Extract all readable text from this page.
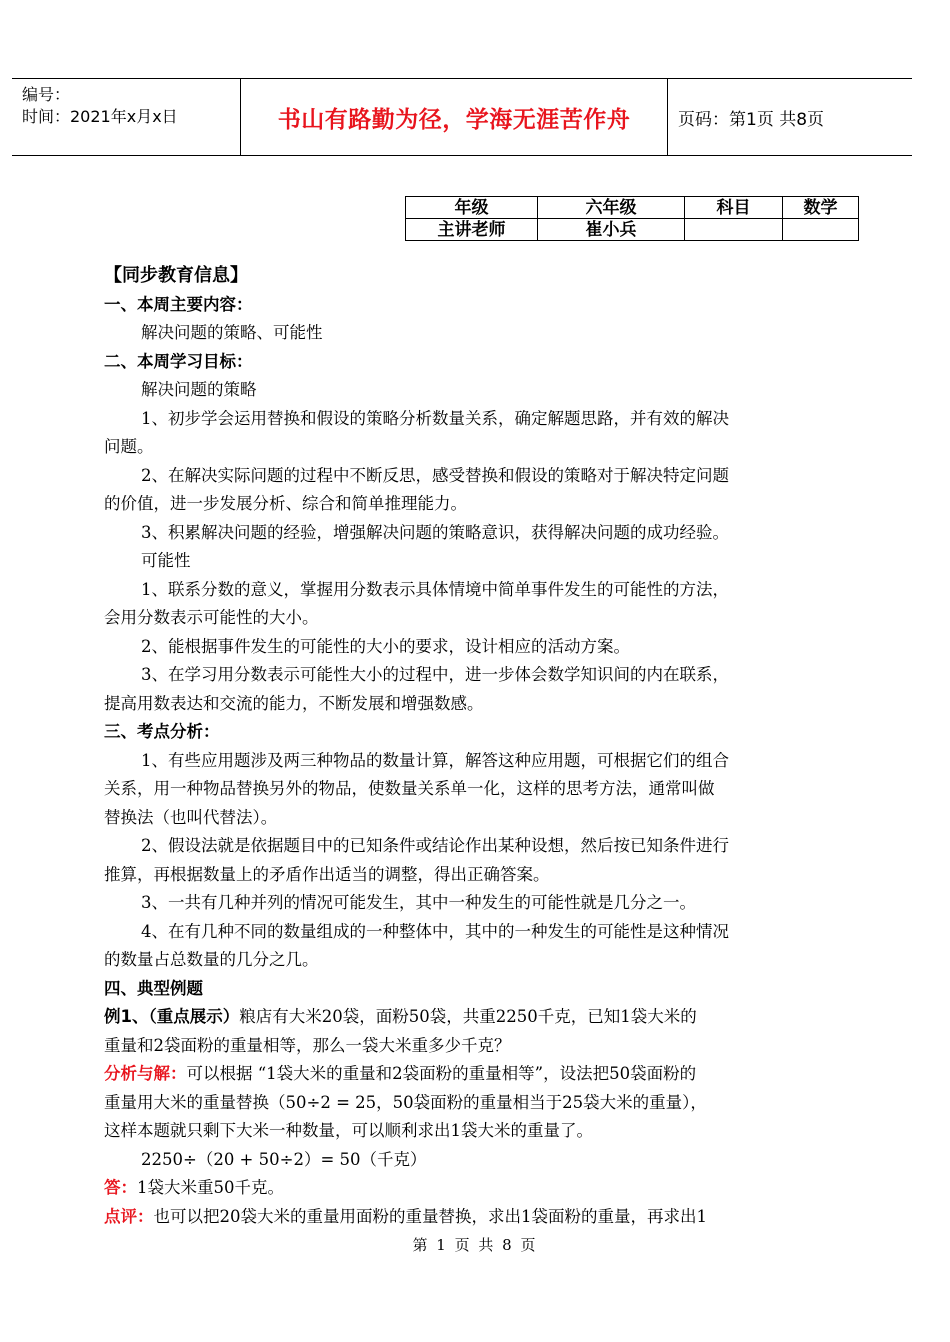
编号：
时间：2021年x月x日	书山有路勤为径，学海无涯苦作舟	页码：第1页 共8页
年级	六年级	科目	数学
主讲老师	崔小兵		

【同步教育信息】

一、本周主要内容：

解决问题的策略、可能性

二、本周学习目标：

解决问题的策略

1、初步学会运用替换和假设的策略分析数量关系，确定解题思路，并有效的解决

问题。

2、在解决实际问题的过程中不断反思，感受替换和假设的策略对于解决特定问题

的价值，进一步发展分析、综合和简单推理能力。

3、积累解决问题的经验，增强解决问题的策略意识，获得解决问题的成功经验。

可能性

1、联系分数的意义，掌握用分数表示具体情境中简单事件发生的可能性的方法，

会用分数表示可能性的大小。

2、能根据事件发生的可能性的大小的要求，设计相应的活动方案。

3、在学习用分数表示可能性大小的过程中，进一步体会数学知识间的内在联系，

提高用数表达和交流的能力，不断发展和增强数感。

三、考点分析：

1、有些应用题涉及两三种物品的数量计算，解答这种应用题，可根据它们的组合

关系，用一种物品替换另外的物品，使数量关系单一化，这样的思考方法，通常叫做

替换法（也叫代替法）。

2、假设法就是依据题目中的已知条件或结论作出某种设想，然后按已知条件进行

推算，再根据数量上的矛盾作出适当的调整，得出正确答案。

3、一共有几种并列的情况可能发生，其中一种发生的可能性就是几分之一。

4、在有几种不同的数量组成的一种整体中，其中的一种发生的可能性是这种情况

的数量占总数量的几分之几。

四、典型例题

例1、（重点展示）粮店有大米20袋，面粉50袋，共重2250千克，已知1袋大米的

重量和2袋面粉的重量相等，那么一袋大米重多少千克？

分析与解：可以根据 “1袋大米的重量和2袋面粉的重量相等”，设法把50袋面粉的

重量用大米的重量替换（50÷2 = 25，50袋面粉的重量相当于25袋大米的重量），

这样本题就只剩下大米一种数量，可以顺利求出1袋大米的重量了。

2250÷（20 + 50÷2）= 50（千克）

答：1袋大米重50千克。

点评：也可以把20袋大米的重量用面粉的重量替换，求出1袋面粉的重量，再求出1

第 1 页 共 8 页
